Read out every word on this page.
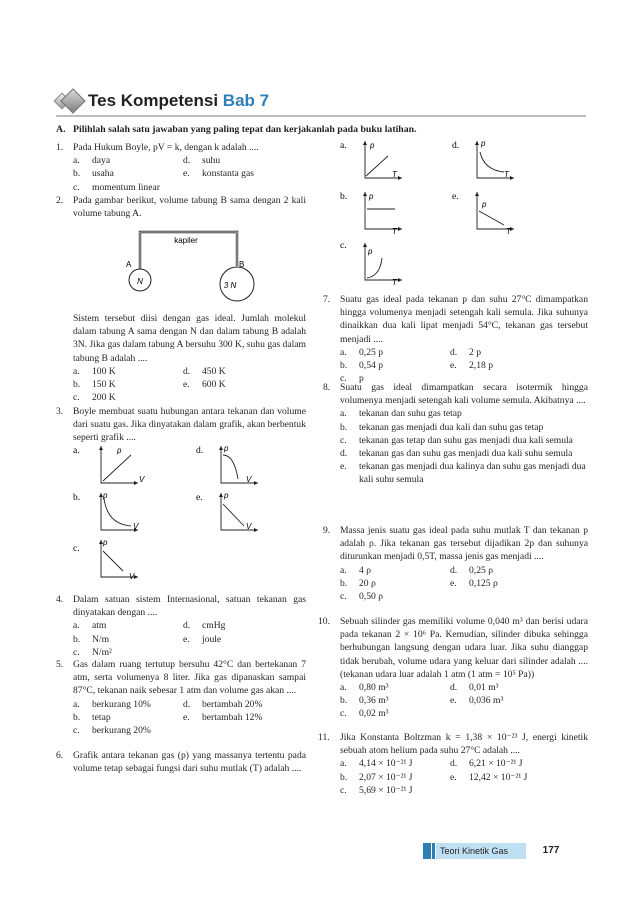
Tes Kompetensi Bab 7
A. Pilihlah salah satu jawaban yang paling tepat dan kerjakanlah pada buku latihan.
1. Pada Hukum Boyle, pV = k, dengan k adalah ....
a.	daya	d.	suhu
b.	usaha	e.	konstanta gas
c.	momentum linear
2. Pada gambar berikut, volume tabung B sama dengan 2 kali volume tabung A.
kapiler
A	B
N	3 N
Sistem tersebut diisi dengan gas ideal. Jumlah molekul dalam tabung A sama dengan N dan dalam tabung B adalah 3N. Jika gas dalam tabung A bersuhu 300 K, suhu gas dalam tabung B adalah ....
a.	100 K	d.	450 K
b.	150 K	e.	600 K
c.	200 K
3. Boyle membuat suatu hubungan antara tekanan dan volume dari suatu gas. Jika dinyatakan dalam grafik, akan berbentuk seperti grafik ....
a.	p
V
d.	p
V
b.	p
V
e.	p
V
c.
p
V
4. Dalam satuan sistem Internasional, satuan tekanan gas dinyatakan dengan ....
a.	atm	d.	cmHg
b.	N/m	e.	joule
c.	N/m²
5. Gas dalam ruang tertutup bersuhu 42°C dan bertekanan 7 atm, serta volumenya 8 liter. Jika gas dipanaskan sampai 87°C, tekanan naik sebesar 1 atm dan volume gas akan ....
a.	berkurang 10%	d.	bertambah 20%
b.	tetap	e.	bertambah 12%
c.	berkurang 20%
6. Grafik antara tekanan gas (p) yang massanya tertentu pada volume tetap sebagai fungsi dari suhu mutlak (T) adalah ....
a.	p
T
d.	p
T
b.	p
T
e.
p
T
c.
p
T
7. Suatu gas ideal pada tekanan p dan suhu 27°C dimampatkan hingga volumenya menjadi setengah kali semula. Jika suhunya dinaikkan dua kali lipat menjadi 54°C, tekanan gas tersebut menjadi ....
a.	0,25 p	d.	2 p
b.	0,54 p	e.	2,18 p
c.	p
8. Suatu gas ideal dimampatkan secara isotermik hingga volumenya menjadi setengah kali volume semula. Akibatnya ....
a.	tekanan dan suhu gas tetap
b.	tekanan gas menjadi dua kali dan suhu gas tetap
c.	tekanan gas tetap dan suhu gas menjadi dua kali semula
d.	tekanan gas dan suhu gas menjadi dua kali suhu semula
e.	tekanan gas menjadi dua kalinya dan suhu gas menjadi dua kali suhu semula
9. Massa jenis suatu gas ideal pada suhu mutlak T dan tekanan p adalah ρ. Jika tekanan gas tersebut dijadikan 2p dan suhunya diturunkan menjadi 0,5T, massa jenis gas menjadi ....
a.	4 ρ	d.	0,25 ρ
b.	20 ρ	e.	0,125 ρ
c.	0,50 ρ
10. Sebuah silinder gas memiliki volume 0,040 m³ dan berisi udara pada tekanan 2 × 10⁶ Pa. Kemudian, silinder dibuka sehingga berhubungan langsung dengan udara luar. Jika suhu dianggap tidak berubah, volume udara yang keluar dari silinder adalah .... (tekanan udara luar adalah 1 atm (1 atm = 10⁵ Pa))
a.	0,80 m³	d.	0,01 m³
b.	0,36 m³	e.	0,036 m³
c.	0,02 m³
11. Jika Konstanta Boltzman k = 1,38 × 10⁻²³ J, energi kinetik sebuah atom helium pada suhu 27°C adalah ....
a.	4,14 × 10⁻²¹ J	d.	6,21 × 10⁻²¹ J
b.	2,07 × 10⁻²¹ J	e.	12,42 × 10⁻²¹ J
c.	5,69 × 10⁻²¹ J
Teori Kinetik Gas	177
